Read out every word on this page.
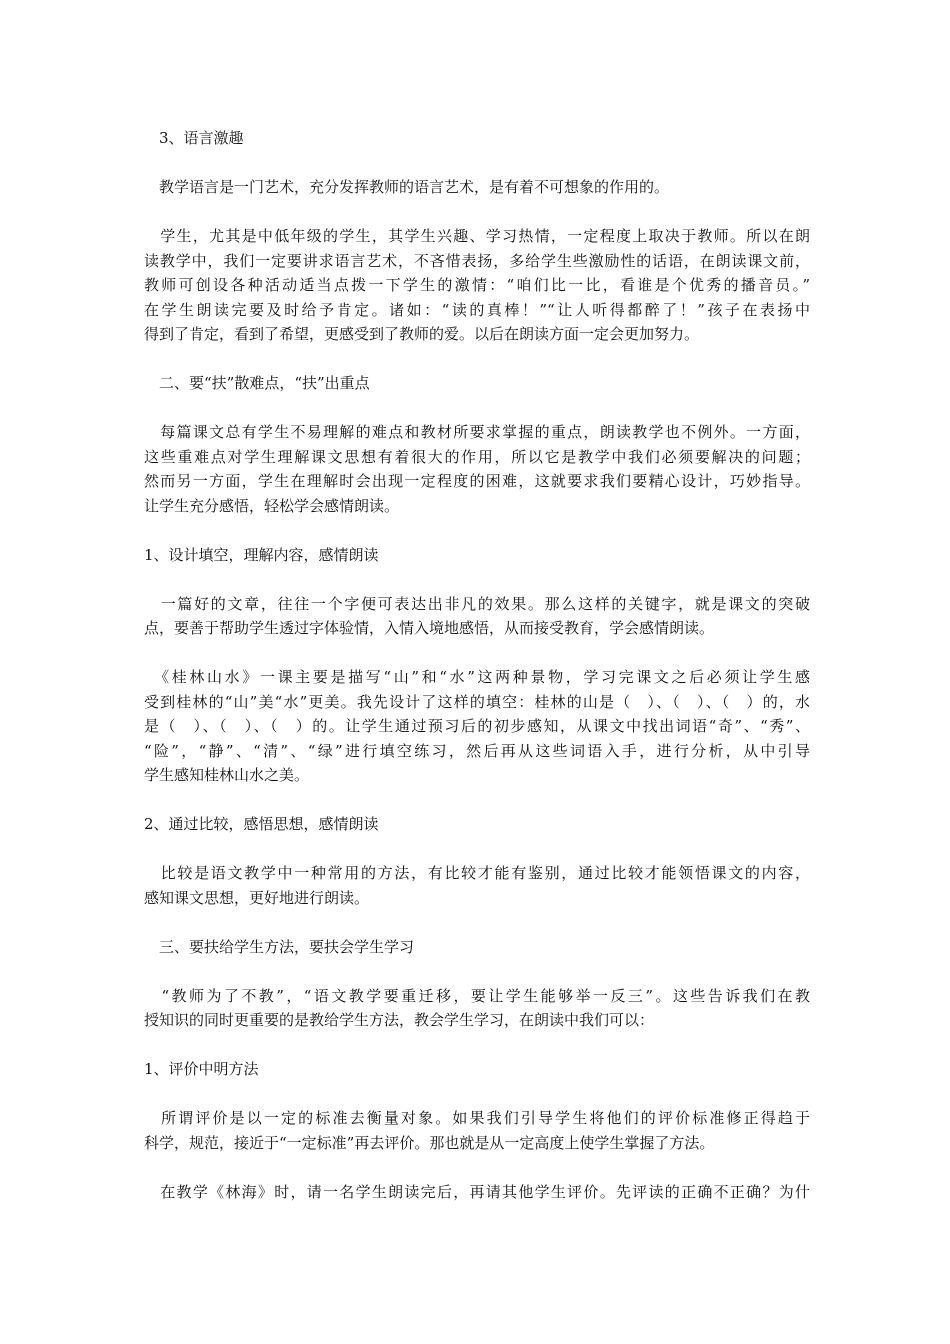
　3、语言激趣

　教学语言是一门艺术，充分发挥教师的语言艺术，是有着不可想象的作用的。

　学生，尤其是中低年级的学生，其学生兴趣、学习热情，一定程度上取决于教师。所以在朗
读教学中，我们一定要讲求语言艺术，不吝惜表扬，多给学生些激励性的话语，在朗读课文前，
教师可创设各种活动适当点拨一下学生的激情：“咱们比一比，看谁是个优秀的播音员。”
在学生朗读完要及时给予肯定。诸如：“读的真棒！”“让人听得都醉了！”孩子在表扬中
得到了肯定，看到了希望，更感受到了教师的爱。以后在朗读方面一定会更加努力。

　二、要“扶”散难点，“扶”出重点

　每篇课文总有学生不易理解的难点和教材所要求掌握的重点，朗读教学也不例外。一方面，
这些重难点对学生理解课文思想有着很大的作用，所以它是教学中我们必须要解决的问题；
然而另一方面，学生在理解时会出现一定程度的困难，这就要求我们要精心设计，巧妙指导。
让学生充分感悟，轻松学会感情朗读。

1、设计填空，理解内容，感情朗读

　一篇好的文章，往往一个字便可表达出非凡的效果。那么这样的关键字，就是课文的突破
点，要善于帮助学生透过字体验情，入情入境地感悟，从而接受教育，学会感情朗读。

　《桂林山水》一课主要是描写“山”和“水”这两种景物，学习完课文之后必须让学生感
受到桂林的“山”美“水”更美。我先设计了这样的填空：桂林的山是（　）、（　）、（　）的，水
是（　）、（　）、（　）的。让学生通过预习后的初步感知，从课文中找出词语“奇”、“秀”、
“险”，“静”、“清”、“绿”进行填空练习，然后再从这些词语入手，进行分析，从中引导
学生感知桂林山水之美。

2、通过比较，感悟思想，感情朗读

　比较是语文教学中一种常用的方法，有比较才能有鉴别，通过比较才能领悟课文的内容，
感知课文思想，更好地进行朗读。

　三、要扶给学生方法，要扶会学生学习

　“教师为了不教”，“语文教学要重迁移，要让学生能够举一反三”。这些告诉我们在教
授知识的同时更重要的是教给学生方法，教会学生学习，在朗读中我们可以：

1、评价中明方法

　所谓评价是以一定的标准去衡量对象。如果我们引导学生将他们的评价标准修正得趋于
科学，规范，接近于“一定标准”再去评价。那也就是从一定高度上使学生掌握了方法。

　在教学《林海》时，请一名学生朗读完后，再请其他学生评价。先评读的正确不正确？为什
